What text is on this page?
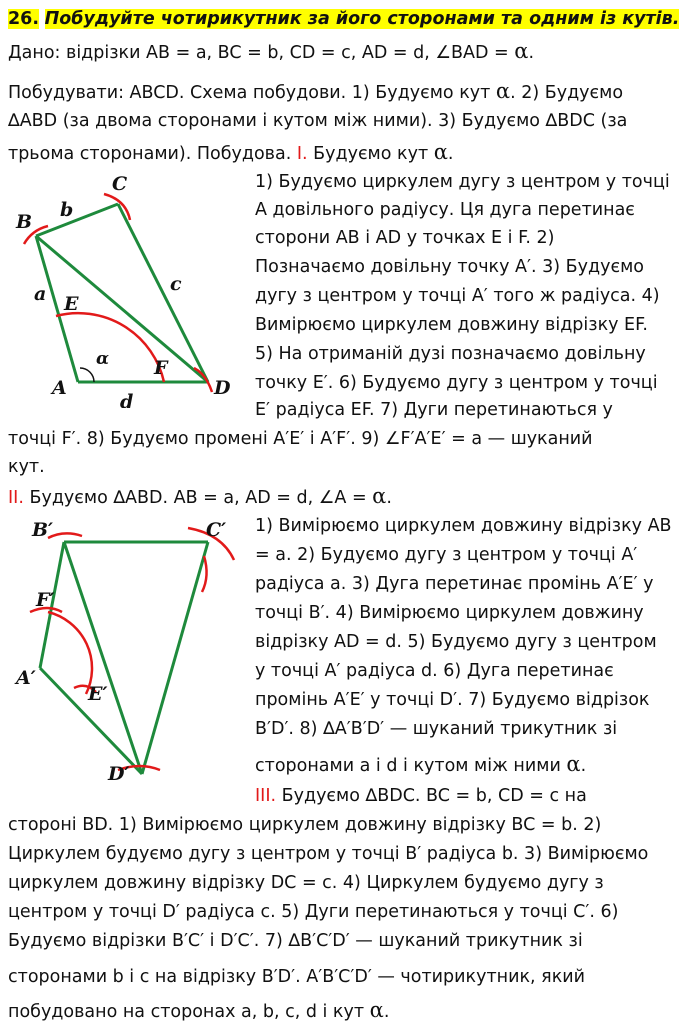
26. Побудуйте чотирикутник за його сторонами та одним із кутів.
Дано: відрізки AB = a, BC = b, CD = c, AD = d, ∠BAD = α.
Побудувати: ABCD. Схема побудови. 1) Будуємо кут α. 2) Будуємо
∆ABD (за двома сторонами і кутом між ними). 3) Будуємо ∆BDC (за
трьома сторонами). Побудова. I. Будуємо кут α.
B
C
A	D
E
F
b
a	c
d
α
1) Будуємо циркулем дугу з центром у точці
A довільного радіусу. Ця дуга перетинає
сторони AB і AD у точках E і F. 2)
Позначаємо довільну точку A′. 3) Будуємо
дугу з центром у точці A′ того ж радіуса. 4)
Вимірюємо циркулем довжину відрізку EF.
5) На отриманій дузі позначаємо довільну
точку E′. 6) Будуємо дугу з центром у точці
E′ радіуса EF. 7) Дуги перетинаються у
точці F′. 8) Будуємо промені A′E′ і A′F′. 9) ∠F′A′E′ = a — шуканий
кут.
II. Будуємо ∆ABD. AB = a, AD = d, ∠A = α.
B′	C′
F′
A′
E′
D′
1) Вимірюємо циркулем довжину відрізку AB
= a. 2) Будуємо дугу з центром у точці A′
радіуса a. 3) Дуга перетинає промінь A′E′ у
точці B′. 4) Вимірюємо циркулем довжину
відрізку AD = d. 5) Будуємо дугу з центром
у точці A′ радіуса d. 6) Дуга перетинає
промінь A′E′ у точці D′. 7) Будуємо відрізок
B′D′. 8) ∆A′B′D′ — шуканий трикутник зі
сторонами a і d і кутом між ними α.
III. Будуємо ∆BDC. BC = b, CD = c на
стороні BD. 1) Вимірюємо циркулем довжину відрізку BC = b. 2)
Циркулем будуємо дугу з центром у точці B′ радіуса b. 3) Вимірюємо
циркулем довжину відрізку DC = c. 4) Циркулем будуємо дугу з
центром у точці D′ радіуса c. 5) Дуги перетинаються у точці C′. 6)
Будуємо відрізки B′C′ і D′C′. 7) ∆B′C′D′ — шуканий трикутник зі
сторонами b і c на відрізку B′D′. A′B′C′D′ — чотирикутник, який
побудовано на сторонах a, b, c, d і кут α.
